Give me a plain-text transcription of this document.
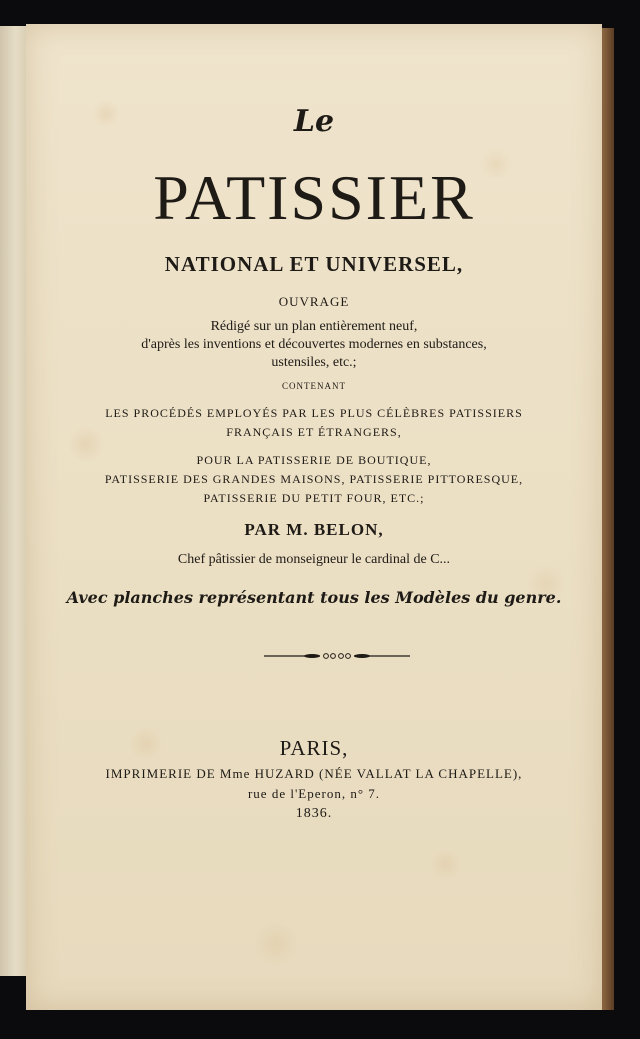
Le
PATISSIER
NATIONAL ET UNIVERSEL,
OUVRAGE
Rédigé sur un plan entièrement neuf,
d'après les inventions et découvertes modernes en substances,
ustensiles, etc.;
CONTENANT
LES PROCÉDÉS EMPLOYÉS PAR LES PLUS CÉLÈBRES PATISSIERS
FRANÇAIS ET ÉTRANGERS,
POUR LA PATISSERIE DE BOUTIQUE,
PATISSERIE DES GRANDES MAISONS, PATISSERIE PITTORESQUE,
PATISSERIE DU PETIT FOUR, ETC.;
PAR M. BELON,
Chef pâtissier de monseigneur le cardinal de C...
Avec planches représentant tous les Modèles du genre.
PARIS,
IMPRIMERIE DE Mme HUZARD (NÉE VALLAT LA CHAPELLE),
rue de l'Eperon, n° 7.
1836.
